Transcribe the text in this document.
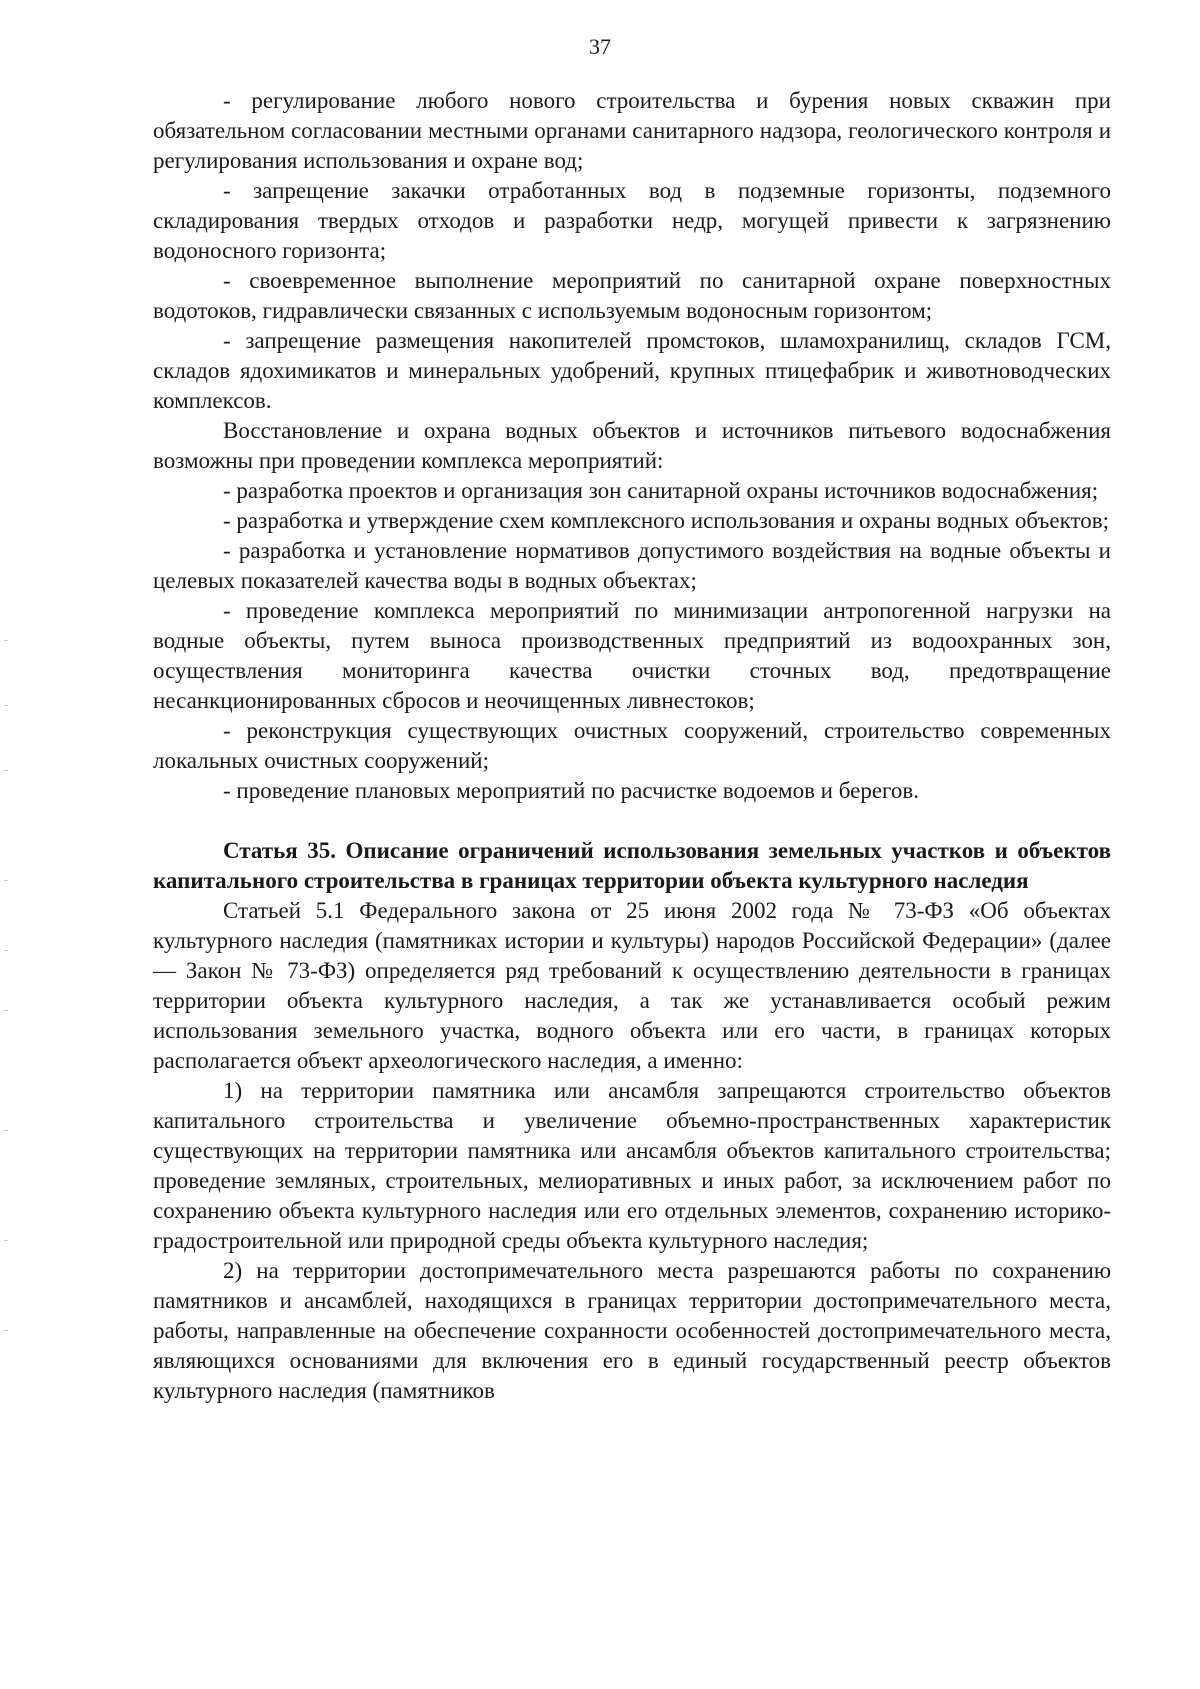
37

- регулирование любого нового строительства и бурения новых скважин при обязательном согласовании местными органами санитарного надзора, геологического контроля и регулирования использования и охране вод;

- запрещение закачки отработанных вод в подземные горизонты, подземного складирования твердых отходов и разработки недр, могущей привести к загрязнению водоносного горизонта;

- своевременное выполнение мероприятий по санитарной охране поверхностных водотоков, гидравлически связанных с используемым водоносным горизонтом;

- запрещение размещения накопителей промстоков, шламохранилищ, складов ГСМ, складов ядохимикатов и минеральных удобрений, крупных птицефабрик и животноводческих комплексов.

Восстановление и охрана водных объектов и источников питьевого водоснабжения возможны при проведении комплекса мероприятий:

- разработка проектов и организация зон санитарной охраны источников водоснабжения;

- разработка и утверждение схем комплексного использования и охраны водных объектов;

- разработка и установление нормативов допустимого воздействия на водные объекты и целевых показателей качества воды в водных объектах;

- проведение комплекса мероприятий по минимизации антропогенной нагрузки на водные объекты, путем выноса производственных предприятий из водоохранных зон, осуществления мониторинга качества очистки сточных вод, предотвращение несанкционированных сбросов и неочищенных ливнестоков;

- реконструкция существующих очистных сооружений, строительство современных локальных очистных сооружений;

- проведение плановых мероприятий по расчистке водоемов и берегов.

Статья 35. Описание ограничений использования земельных участков и объектов капитального строительства в границах территории объекта культурного наследия

Статьей 5.1 Федерального закона от 25 июня 2002 года № 73-ФЗ «Об объектах культурного наследия (памятниках истории и культуры) народов Российской Федерации» (далее — Закон № 73-ФЗ) определяется ряд требований к осуществлению деятельности в границах территории объекта культурного наследия, а так же устанавливается особый режим использования земельного участка, водного объекта или его части, в границах которых располагается объект археологического наследия, а именно:

1) на территории памятника или ансамбля запрещаются строительство объектов капитального строительства и увеличение объемно-пространственных характеристик существующих на территории памятника или ансамбля объектов капитального строительства; проведение земляных, строительных, мелиоративных и иных работ, за исключением работ по сохранению объекта культурного наследия или его отдельных элементов, сохранению историко-градостроительной или природной среды объекта культурного наследия;

2) на территории достопримечательного места разрешаются работы по сохранению памятников и ансамблей, находящихся в границах территории достопримечательного места, работы, направленные на обеспечение сохранности особенностей достопримечательного места, являющихся основаниями для включения его в единый государственный реестр объектов культурного наследия (памятников
